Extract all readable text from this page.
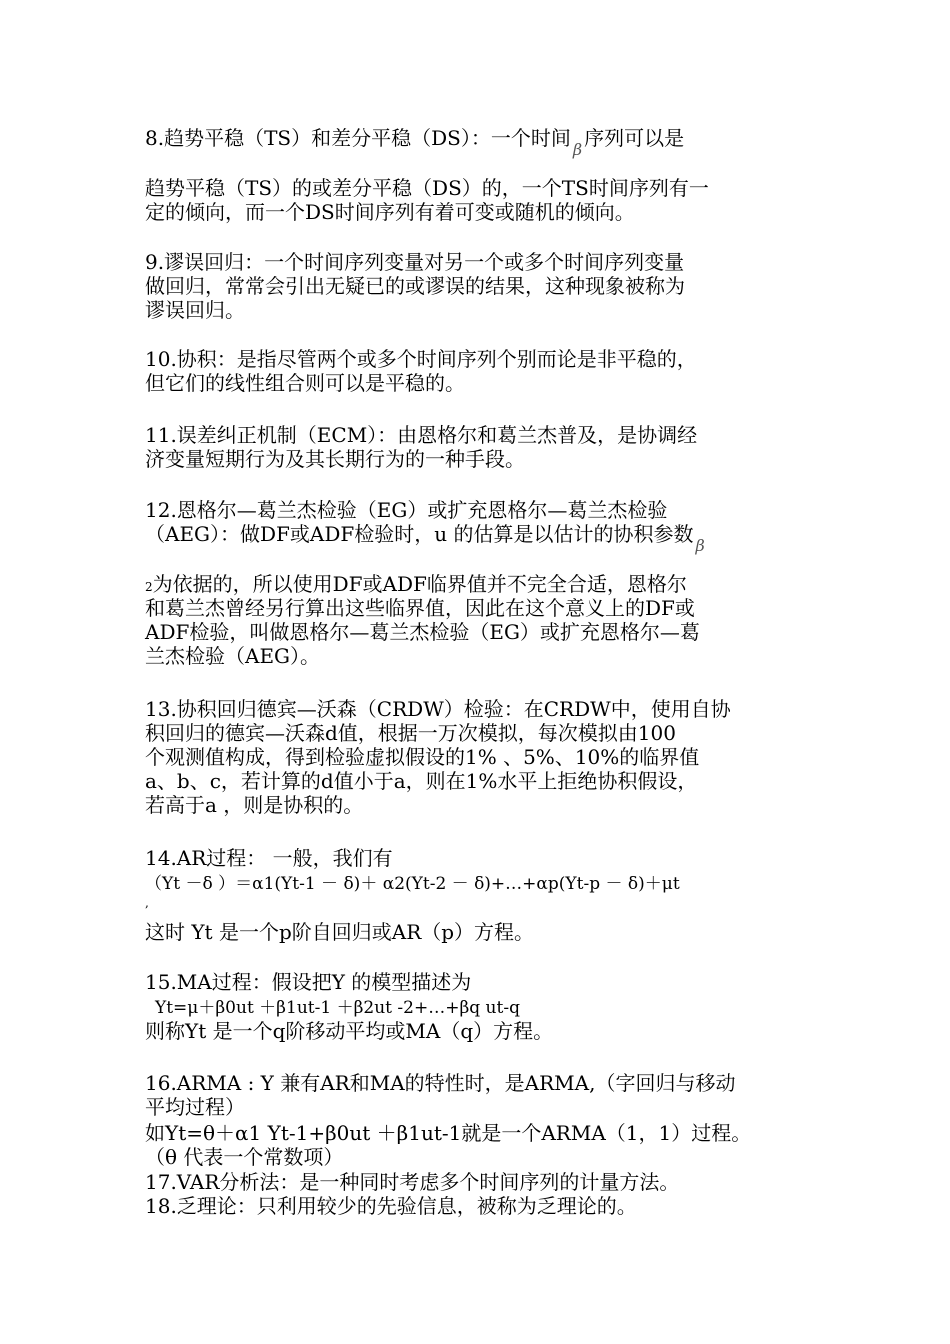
8.趋势平稳（TS）和差分平稳（DS）：一个时间 β 序列可以是
趋势平稳（TS）的或差分平稳（DS）的，一个TS时间序列有一
定的倾向，而一个DS时间序列有着可变或随机的倾向。
9.谬误回归：一个时间序列变量对另一个或多个时间序列变量
做回归，常常会引出无疑已的或谬误的结果，这种现象被称为
谬误回归。
10.协积：是指尽管两个或多个时间序列个别而论是非平稳的，
但它们的线性组合则可以是平稳的。
11.误差纠正机制（ECM）：由恩格尔和葛兰杰普及，是协调经
济变量短期行为及其长期行为的一种手段。
12.恩格尔—葛兰杰检验（EG）或扩充恩格尔—葛兰杰检验
（AEG）：做DF或ADF检验时，u 的估算是以估计的协积参数 β
2为依据的，所以使用DF或ADF临界值并不完全合适，恩格尔
和葛兰杰曾经另行算出这些临界值，因此在这个意义上的DF或
ADF检验，叫做恩格尔—葛兰杰检验（EG）或扩充恩格尔—葛
兰杰检验（AEG）。
13.协积回归德宾—沃森（CRDW）检验：在CRDW中，使用自协
积回归的德宾—沃森d值，根据一万次模拟，每次模拟由100
个观测值构成，得到检验虚拟假设的1% 、5%、10%的临界值
a、b、c，若计算的d值小于a，则在1%水平上拒绝协积假设，
若高于a ，则是协积的。
14.AR过程： 一般，我们有
（Yt －δ ）＝α1(Yt-1 － δ)＋ α2(Yt-2 － δ)+…+αp(Yt-p － δ)＋μt
,
这时 Yt 是一个p阶自回归或AR（p）方程。
15.MA过程：假设把Y 的模型描述为
Yt=μ＋β0ut ＋β1ut-1 ＋β2ut -2+…+βq ut-q
则称Yt 是一个q阶移动平均或MA（q）方程。
16.ARMA : Y 兼有AR和MA的特性时，是ARMA,（字回归与移动
平均过程）
如Yt=θ＋α1 Yt-1+β0ut ＋β1ut-1就是一个ARMA（1，1）过程。
（θ 代表一个常数项）
17.VAR分析法：是一种同时考虑多个时间序列的计量方法。
18.乏理论：只利用较少的先验信息，被称为乏理论的。
